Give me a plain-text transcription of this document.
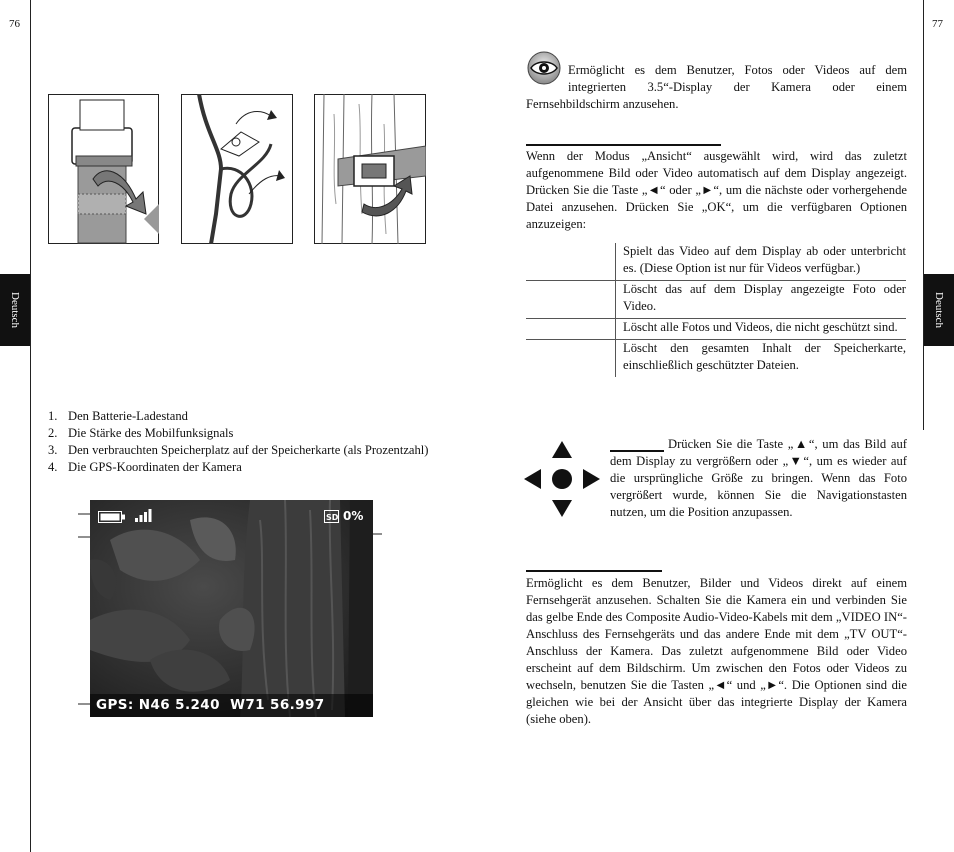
76
Deutsch
1. Den Batterie-Ladestand
2. Die Stärke des Mobilfunksignals
3. Den verbrauchten Speicherplatz auf der Speicherkarte (als Prozentzahl)
4. Die GPS-Koordinaten der Kamera
SD 0%
GPS: N46 5.240  W71 56.997
77
Deutsch
Ermöglicht es dem Benutzer, Fotos oder Videos auf dem integrierten 3.5“-Display der Kamera oder einem Fernsehbildschirm anzusehen.
Wenn der Modus „Ansicht“ ausgewählt wird, wird das zuletzt aufgenommene Bild oder Video automatisch auf dem Display angezeigt. Drücken Sie die Taste „◄“ oder „►“, um die nächste oder vorhergehende Datei anzusehen. Drücken Sie „OK“, um die verfügbaren Optionen anzuzeigen:
	Spielt das Video auf dem Display ab oder unterbricht es. (Diese Option ist nur für Videos verfügbar.)
	Löscht das auf dem Display angezeigte Foto oder Video.
	Löscht alle Fotos und Videos, die nicht geschützt sind.
	Löscht den gesamten Inhalt der Speicherkarte, einschließlich geschützter Dateien.
Drücken Sie die Taste „▲“, um das Bild auf dem Display zu vergrößern oder „▼“, um es wieder auf die ursprüngliche Größe zu bringen. Wenn das Foto vergrößert wurde, können Sie die Navigationstasten nutzen, um die Position anzupassen.
Ermöglicht es dem Benutzer, Bilder und Videos direkt auf einem Fernsehgerät anzusehen. Schalten Sie die Kamera ein und verbinden Sie das gelbe Ende des Composite Audio-Video-Kabels mit dem „VIDEO IN“-Anschluss des Fernsehgeräts und das andere Ende mit dem „TV OUT“-Anschluss der Kamera. Das zuletzt aufgenommene Bild oder Video erscheint auf dem Bildschirm. Um zwischen den Fotos oder Videos zu wechseln, benutzen Sie die Tasten „◄“ und „►“. Die Optionen sind die gleichen wie bei der Ansicht über das integrierte Display der Kamera (siehe oben).
